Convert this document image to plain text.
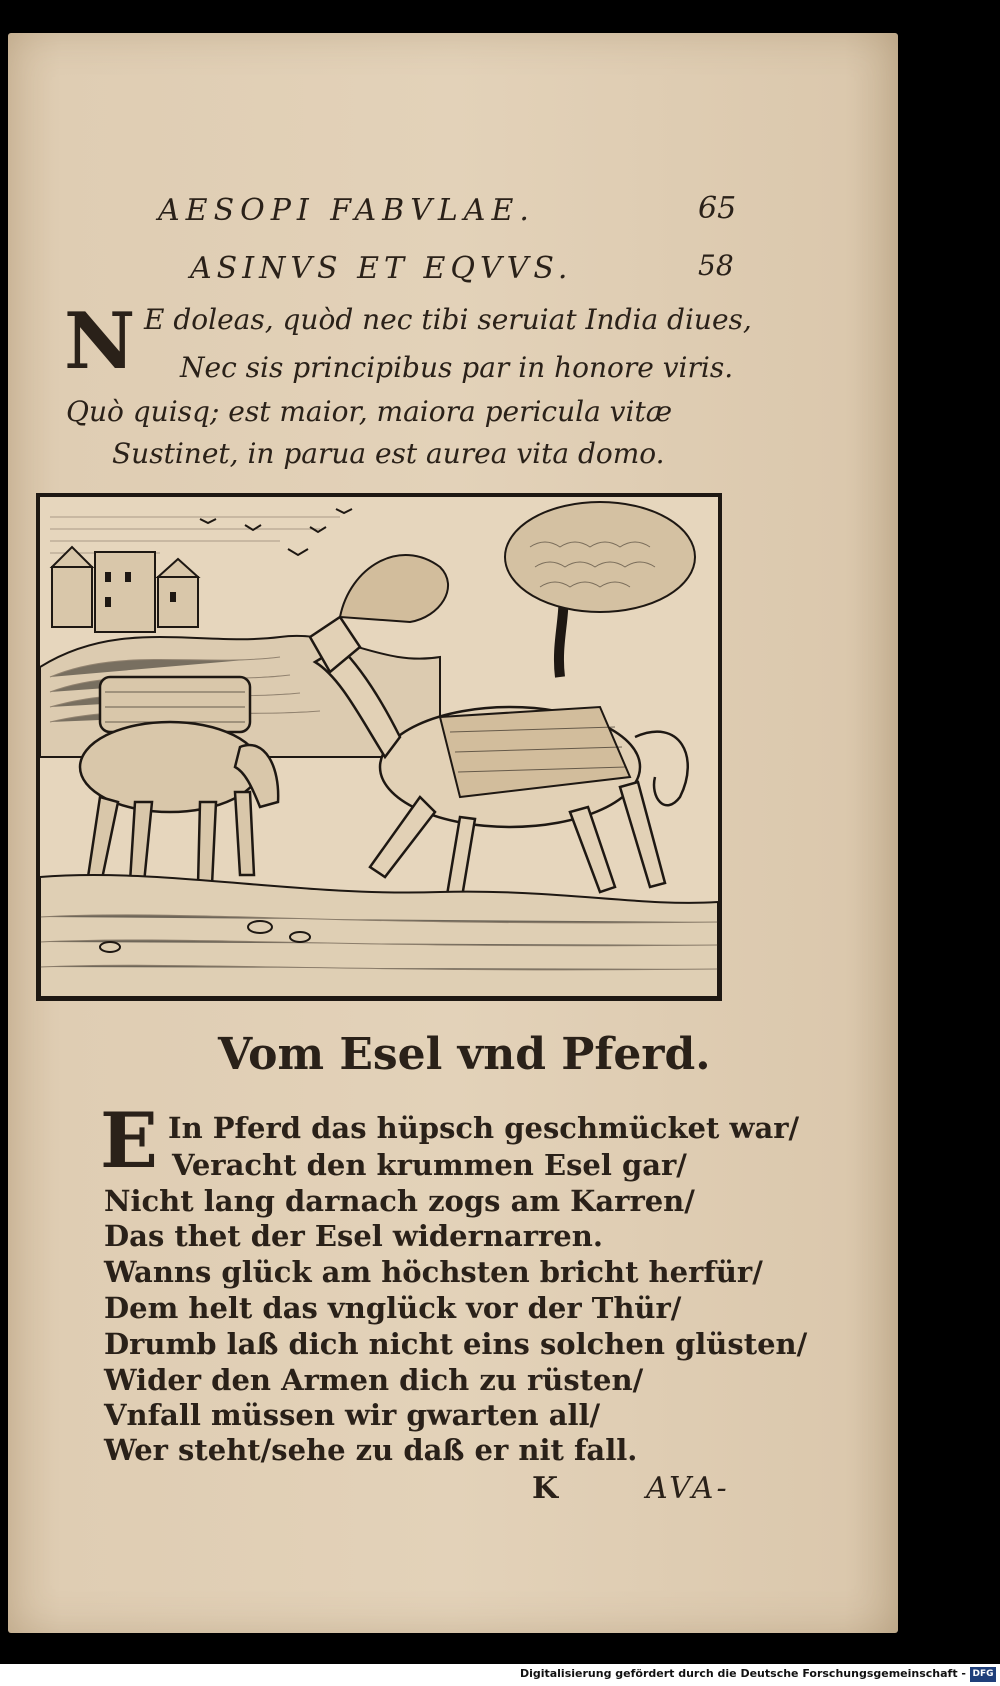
AESOPI FABVLAE.	65
ASINVS ET EQVVS.	58
N E doleas, quòd nec tibi seruiat India diues,
Nec sis principibus par in honore viris.
Quò quisq; est maior, maiora pericula vitæ
Sustinet, in parua est aurea vita domo.
Vom Esel vnd Pferd.
E In Pferd das hüpsch geschmücket war/
Veracht den krummen Esel gar/
Nicht lang darnach zogs am Karren/
Das thet der Esel widernarren.
Wanns glück am höchsten bricht herfür/
Dem helt das vnglück vor der Thür/
Drumb laß dich nicht eins solchen glüsten/
Wider den Armen dich zu rüsten/
Vnfall müssen wir gwarten all/
Wer steht/sehe zu daß er nit fall.
K	AVA-
Digitalisierung gefördert durch die Deutsche Forschungsgemeinschaft - DFG
